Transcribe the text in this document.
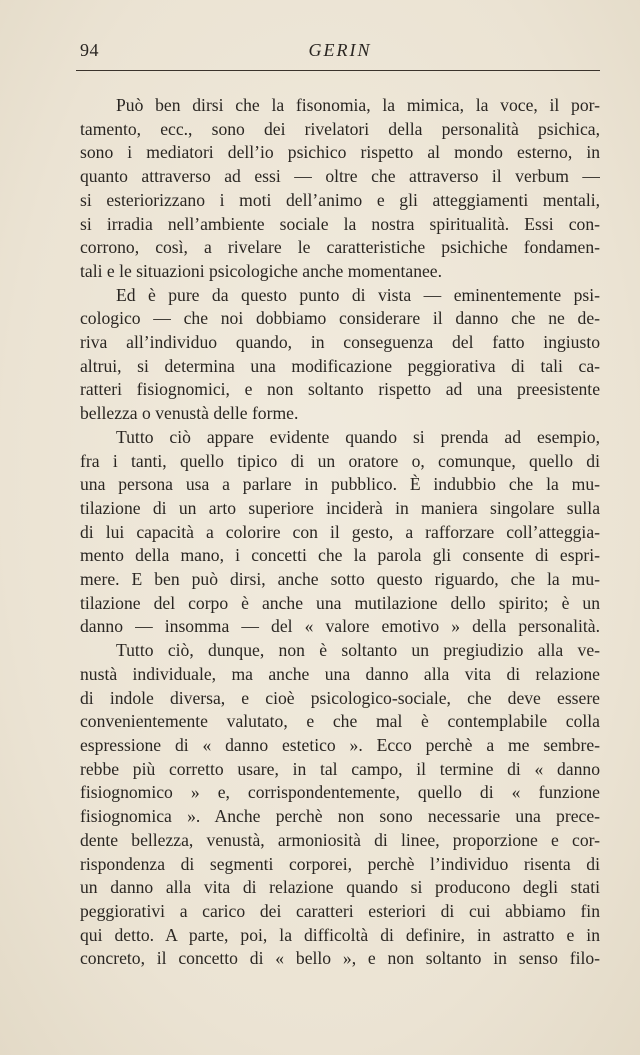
94	GERIN
Può ben dirsi che la fisonomia, la mimica, la voce, il por-
tamento, ecc., sono dei rivelatori della personalità psichica,
sono i mediatori dell’io psichico rispetto al mondo esterno, in
quanto attraverso ad essi — oltre che attraverso il verbum —
si esteriorizzano i moti dell’animo e gli atteggiamenti mentali,
si irradia nell’ambiente sociale la nostra spiritualità. Essi con-
corrono, così, a rivelare le caratteristiche psichiche fondamen-
tali e le situazioni psicologiche anche momentanee.
Ed è pure da questo punto di vista — eminentemente psi-
cologico — che noi dobbiamo considerare il danno che ne de-
riva all’individuo quando, in conseguenza del fatto ingiusto
altrui, si determina una modificazione peggiorativa di tali ca-
ratteri fisiognomici, e non soltanto rispetto ad una preesistente
bellezza o venustà delle forme.
Tutto ciò appare evidente quando si prenda ad esempio,
fra i tanti, quello tipico di un oratore o, comunque, quello di
una persona usa a parlare in pubblico. È indubbio che la mu-
tilazione di un arto superiore inciderà in maniera singolare sulla
di lui capacità a colorire con il gesto, a rafforzare coll’atteggia-
mento della mano, i concetti che la parola gli consente di espri-
mere. E ben può dirsi, anche sotto questo riguardo, che la mu-
tilazione del corpo è anche una mutilazione dello spirito; è un
danno — insomma — del « valore emotivo » della personalità.
Tutto ciò, dunque, non è soltanto un pregiudizio alla ve-
nustà individuale, ma anche una danno alla vita di relazione
di indole diversa, e cioè psicologico-sociale, che deve essere
convenientemente valutato, e che mal è contemplabile colla
espressione di « danno estetico ». Ecco perchè a me sembre-
rebbe più corretto usare, in tal campo, il termine di « danno
fisiognomico » e, corrispondentemente, quello di « funzione
fisiognomica ». Anche perchè non sono necessarie una prece-
dente bellezza, venustà, armoniosità di linee, proporzione e cor-
rispondenza di segmenti corporei, perchè l’individuo risenta di
un danno alla vita di relazione quando si producono degli stati
peggiorativi a carico dei caratteri esteriori di cui abbiamo fin
qui detto. A parte, poi, la difficoltà di definire, in astratto e in
concreto, il concetto di « bello », e non soltanto in senso filo-
